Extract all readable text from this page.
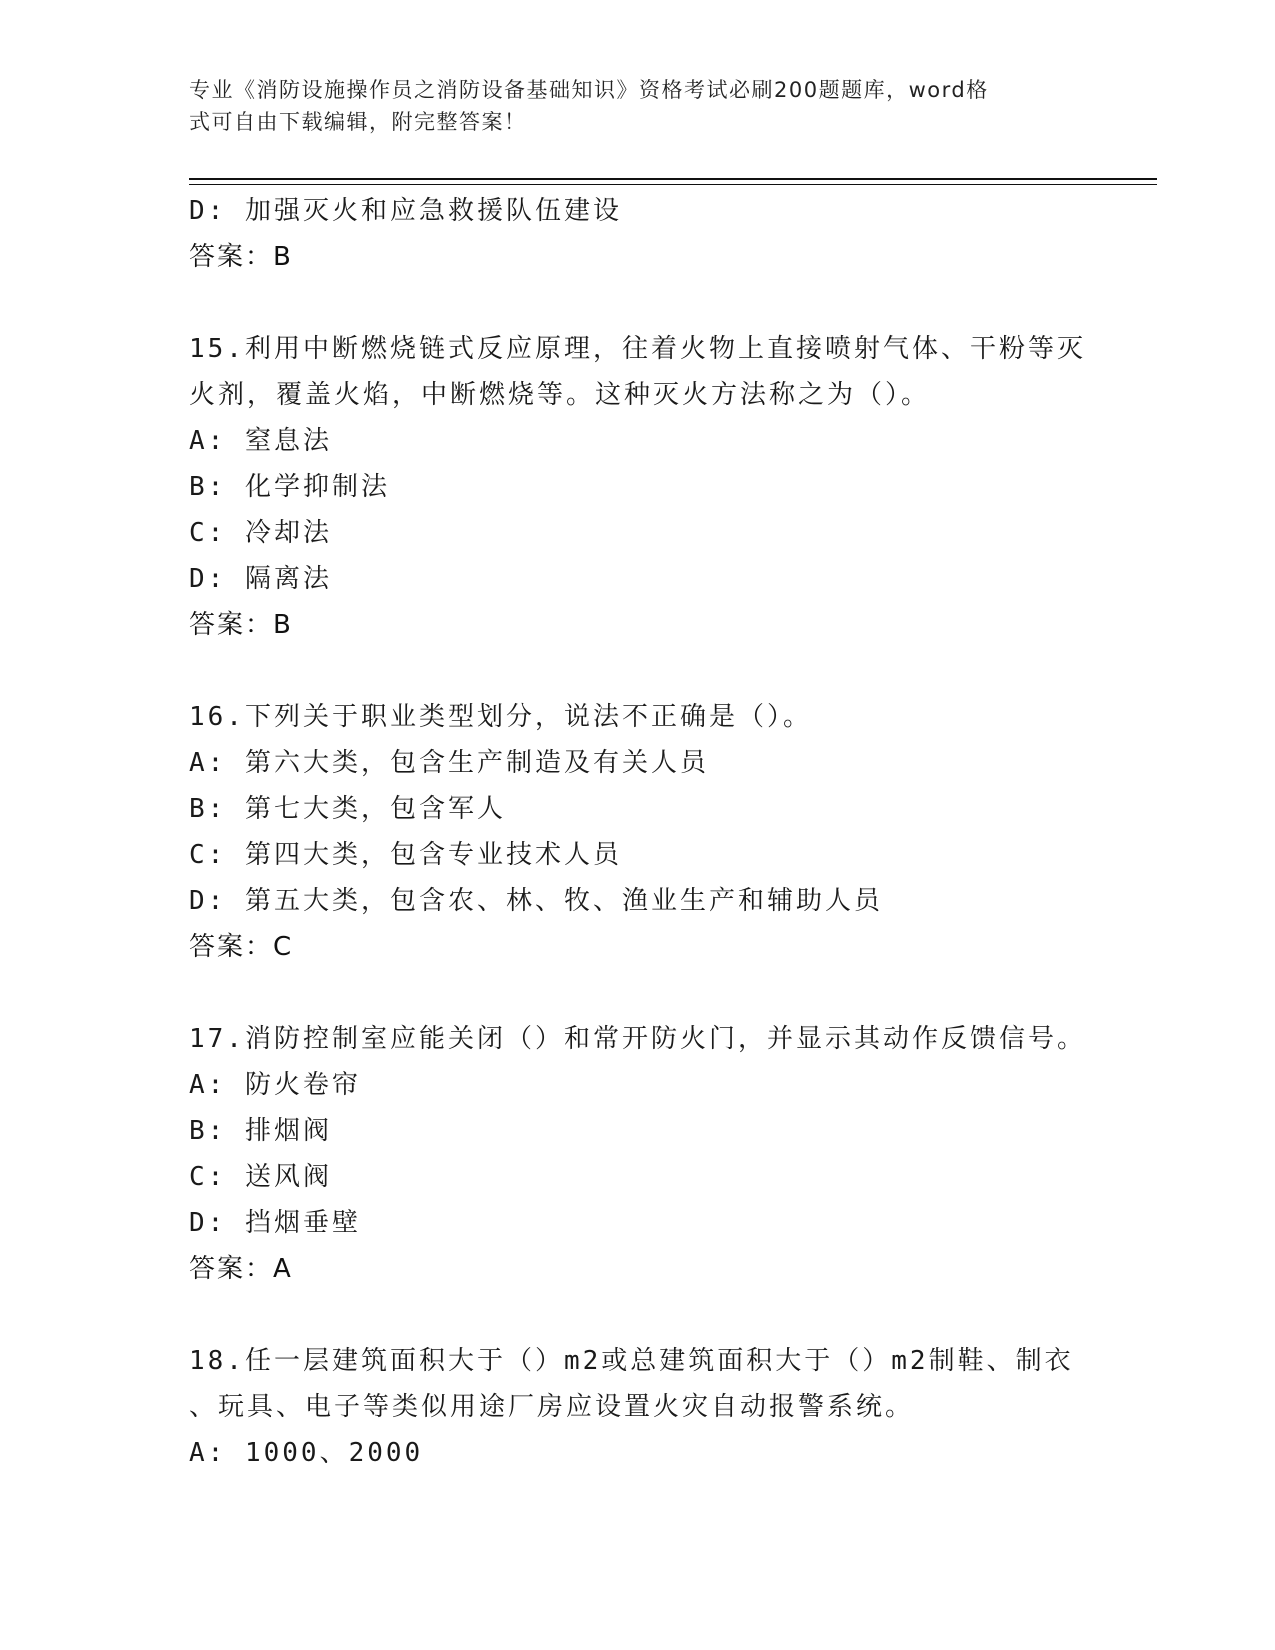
专业《消防设施操作员之消防设备基础知识》资格考试必刷200题题库，word格
式可自由下载编辑，附完整答案！
D: 加强灭火和应急救援队伍建设
答案：B
15.利用中断燃烧链式反应原理，往着火物上直接喷射气体、干粉等灭
火剂，覆盖火焰，中断燃烧等。这种灭火方法称之为（）。
A: 窒息法
B: 化学抑制法
C: 冷却法
D: 隔离法
答案：B
16.下列关于职业类型划分，说法不正确是（）。
A: 第六大类，包含生产制造及有关人员
B: 第七大类，包含军人
C: 第四大类，包含专业技术人员
D: 第五大类，包含农、林、牧、渔业生产和辅助人员
答案：C
17.消防控制室应能关闭（）和常开防火门，并显示其动作反馈信号。
A: 防火卷帘
B: 排烟阀
C: 送风阀
D: 挡烟垂壁
答案：A
18.任一层建筑面积大于（）m2或总建筑面积大于（）m2制鞋、制衣
、玩具、电子等类似用途厂房应设置火灾自动报警系统。
A: 1000、2000
